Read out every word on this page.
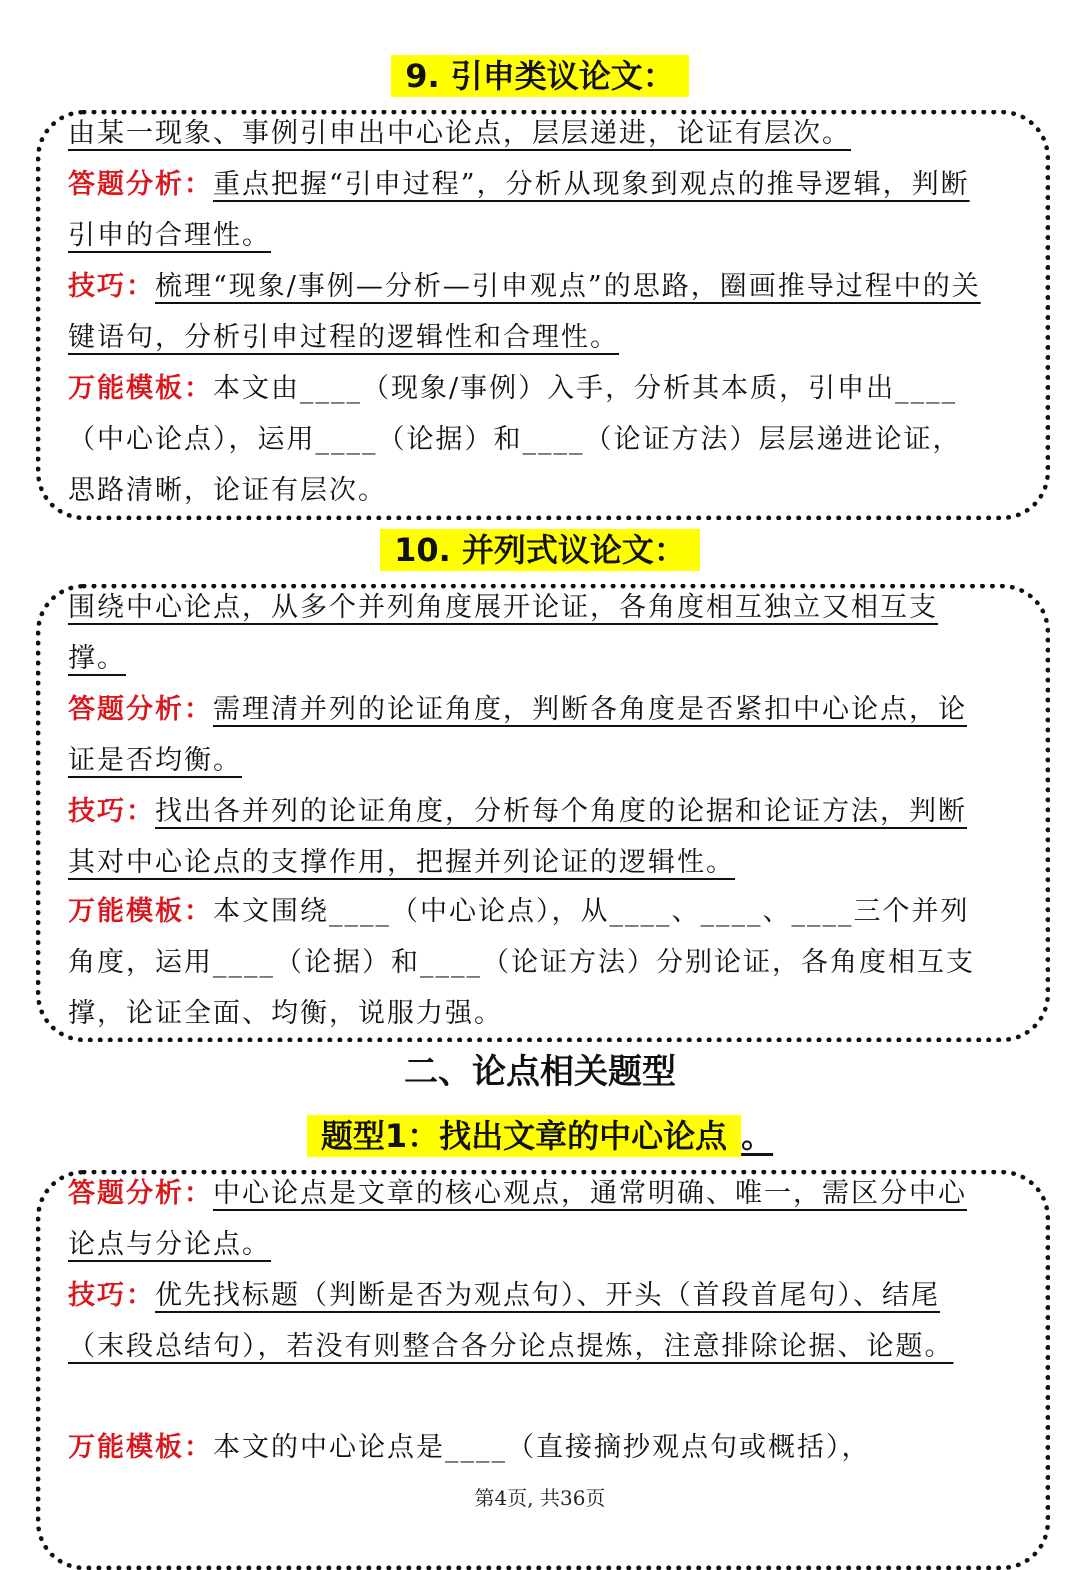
9. 引申类议论文：
由某一现象、事例引申出中心论点，层层递进，论证有层次。
答题分析：重点把握“引申过程”，分析从现象到观点的推导逻辑，判断引申的合理性。
技巧：梳理“现象/事例—分析—引申观点”的思路，圈画推导过程中的关键语句，分析引申过程的逻辑性和合理性。
万能模板：本文由____（现象/事例）入手，分析其本质，引申出____（中心论点），运用____（论据）和____（论证方法）层层递进论证，思路清晰，论证有层次。
10. 并列式议论文：
围绕中心论点，从多个并列角度展开论证，各角度相互独立又相互支撑。
答题分析：需理清并列的论证角度，判断各角度是否紧扣中心论点，论证是否均衡。
技巧：找出各并列的论证角度，分析每个角度的论据和论证方法，判断其对中心论点的支撑作用，把握并列论证的逻辑性。
万能模板：本文围绕____（中心论点），从____、____、____三个并列角度，运用____（论据）和____（论证方法）分别论证，各角度相互支撑，论证全面、均衡，说服力强。
二、论点相关题型
题型1：找出文章的中心论点 。
答题分析：中心论点是文章的核心观点，通常明确、唯一，需区分中心论点与分论点。
技巧：优先找标题（判断是否为观点句）、开头（首段首尾句）、结尾（末段总结句），若没有则整合各分论点提炼，注意排除论据、论题。
万能模板：本文的中心论点是____（直接摘抄观点句或概括），
第4页, 共36页
